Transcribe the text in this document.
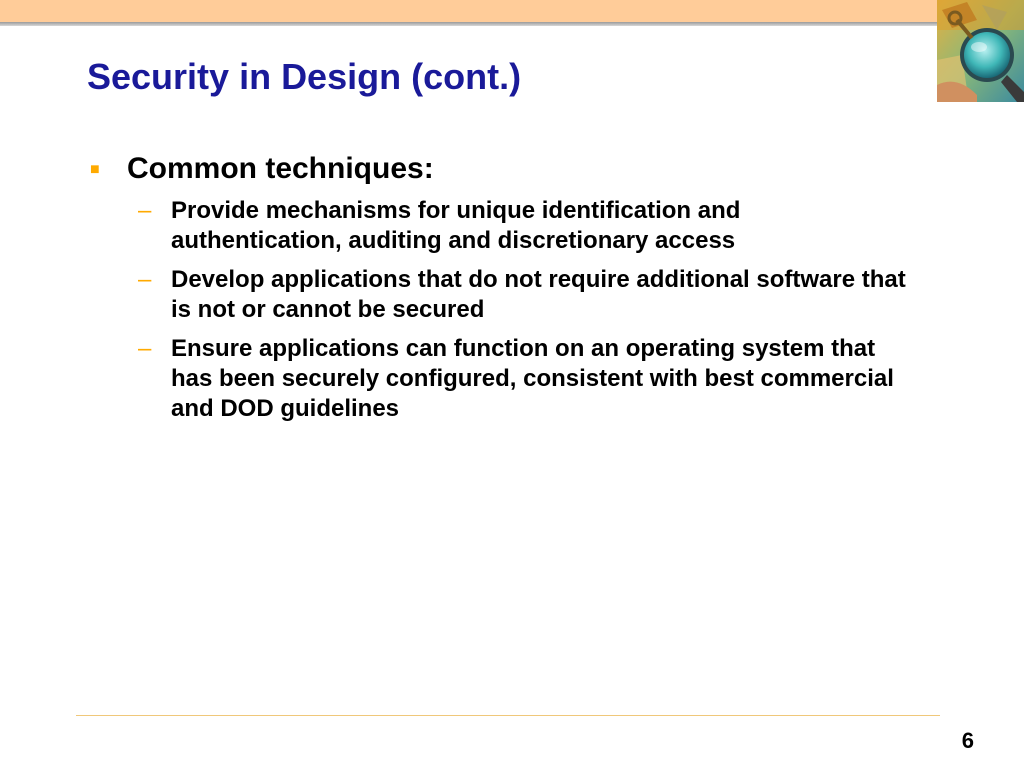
Security in Design (cont.)
■ Common techniques:
– Provide mechanisms for unique identification and authentication, auditing and discretionary access
– Develop applications that do not require additional software that is not or cannot be secured
– Ensure applications can function on an operating system that has been securely configured, consistent with best commercial and DOD guidelines
6
